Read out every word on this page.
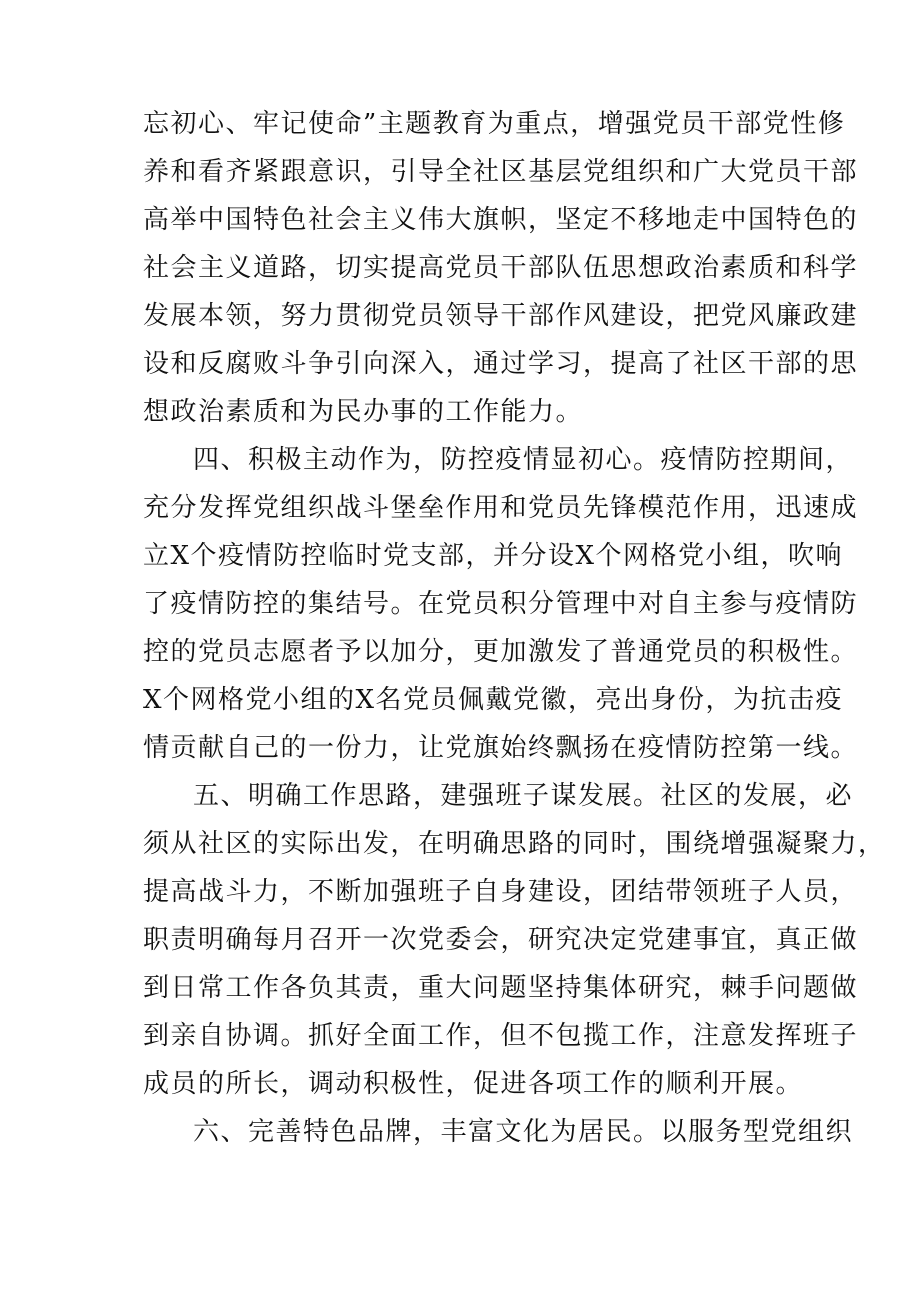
忘初心、牢记使命”主题教育为重点，增强党员干部党性修
养和看齐紧跟意识，引导全社区基层党组织和广大党员干部
高举中国特色社会主义伟大旗帜，坚定不移地走中国特色的
社会主义道路，切实提高党员干部队伍思想政治素质和科学
发展本领，努力贯彻党员领导干部作风建设，把党风廉政建
设和反腐败斗争引向深入，通过学习，提高了社区干部的思
想政治素质和为民办事的工作能力。
四、积极主动作为，防控疫情显初心。疫情防控期间，
充分发挥党组织战斗堡垒作用和党员先锋模范作用，迅速成
立X个疫情防控临时党支部，并分设X个网格党小组，吹响
了疫情防控的集结号。在党员积分管理中对自主参与疫情防
控的党员志愿者予以加分，更加激发了普通党员的积极性。
X个网格党小组的X名党员佩戴党徽，亮出身份，为抗击疫
情贡献自己的一份力，让党旗始终飘扬在疫情防控第一线。
五、明确工作思路，建强班子谋发展。社区的发展，必
须从社区的实际出发，在明确思路的同时，围绕增强凝聚力，
提高战斗力，不断加强班子自身建设，团结带领班子人员，
职责明确每月召开一次党委会，研究决定党建事宜，真正做
到日常工作各负其责，重大问题坚持集体研究，棘手问题做
到亲自协调。抓好全面工作，但不包揽工作，注意发挥班子
成员的所长，调动积极性，促进各项工作的顺利开展。
六、完善特色品牌，丰富文化为居民。以服务型党组织
